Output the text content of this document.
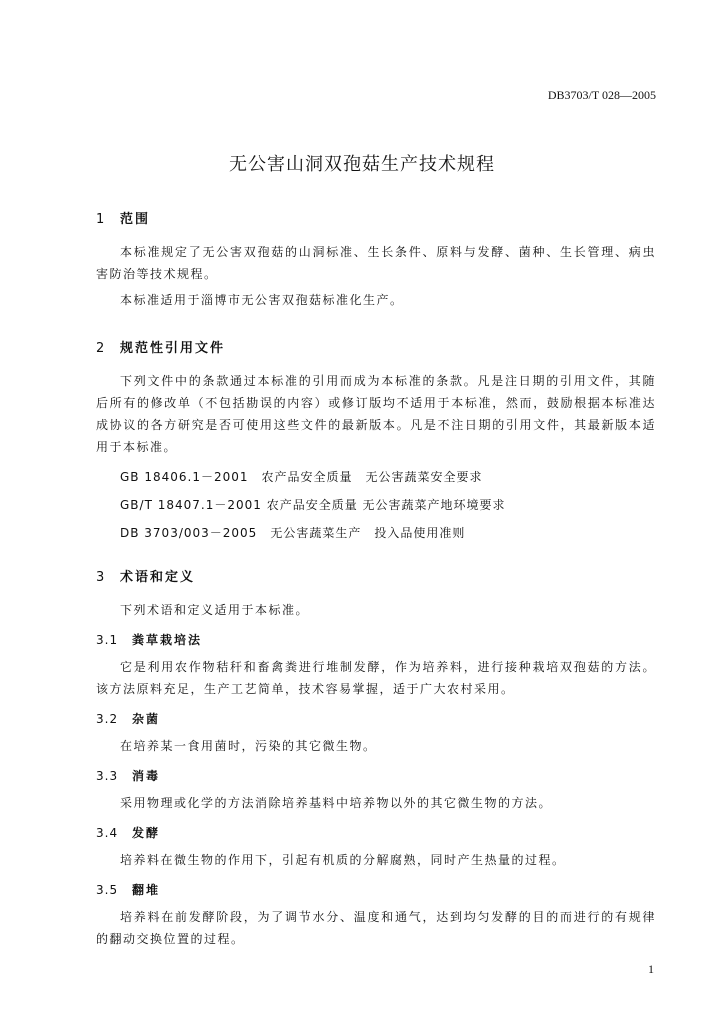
DB3703/T 028—2005
无公害山洞双孢菇生产技术规程
1 范围

本标准规定了无公害双孢菇的山洞标准、生长条件、原料与发酵、菌种、生长管理、病虫害防治等技术规程。

本标准适用于淄博市无公害双孢菇标准化生产。

2 规范性引用文件

下列文件中的条款通过本标准的引用而成为本标准的条款。凡是注日期的引用文件，其随后所有的修改单（不包括勘误的内容）或修订版均不适用于本标准，然而，鼓励根据本标准达成协议的各方研究是否可使用这些文件的最新版本。凡是不注日期的引用文件，其最新版本适用于本标准。

GB 18406.1－2001　农产品安全质量　无公害蔬菜安全要求

GB/T 18407.1－2001 农产品安全质量 无公害蔬菜产地环境要求

DB 3703/003－2005　无公害蔬菜生产　投入品使用准则

3 术语和定义

下列术语和定义适用于本标准。

3.1 粪草栽培法

它是利用农作物秸秆和畜禽粪进行堆制发酵，作为培养料，进行接种栽培双孢菇的方法。该方法原料充足，生产工艺简单，技术容易掌握，适于广大农村采用。

3.2 杂菌

在培养某一食用菌时，污染的其它微生物。

3.3 消毒

采用物理或化学的方法消除培养基料中培养物以外的其它微生物的方法。

3.4 发酵

培养料在微生物的作用下，引起有机质的分解腐熟，同时产生热量的过程。

3.5 翻堆

培养料在前发酵阶段，为了调节水分、温度和通气，达到均匀发酵的目的而进行的有规律的翻动交换位置的过程。

1
